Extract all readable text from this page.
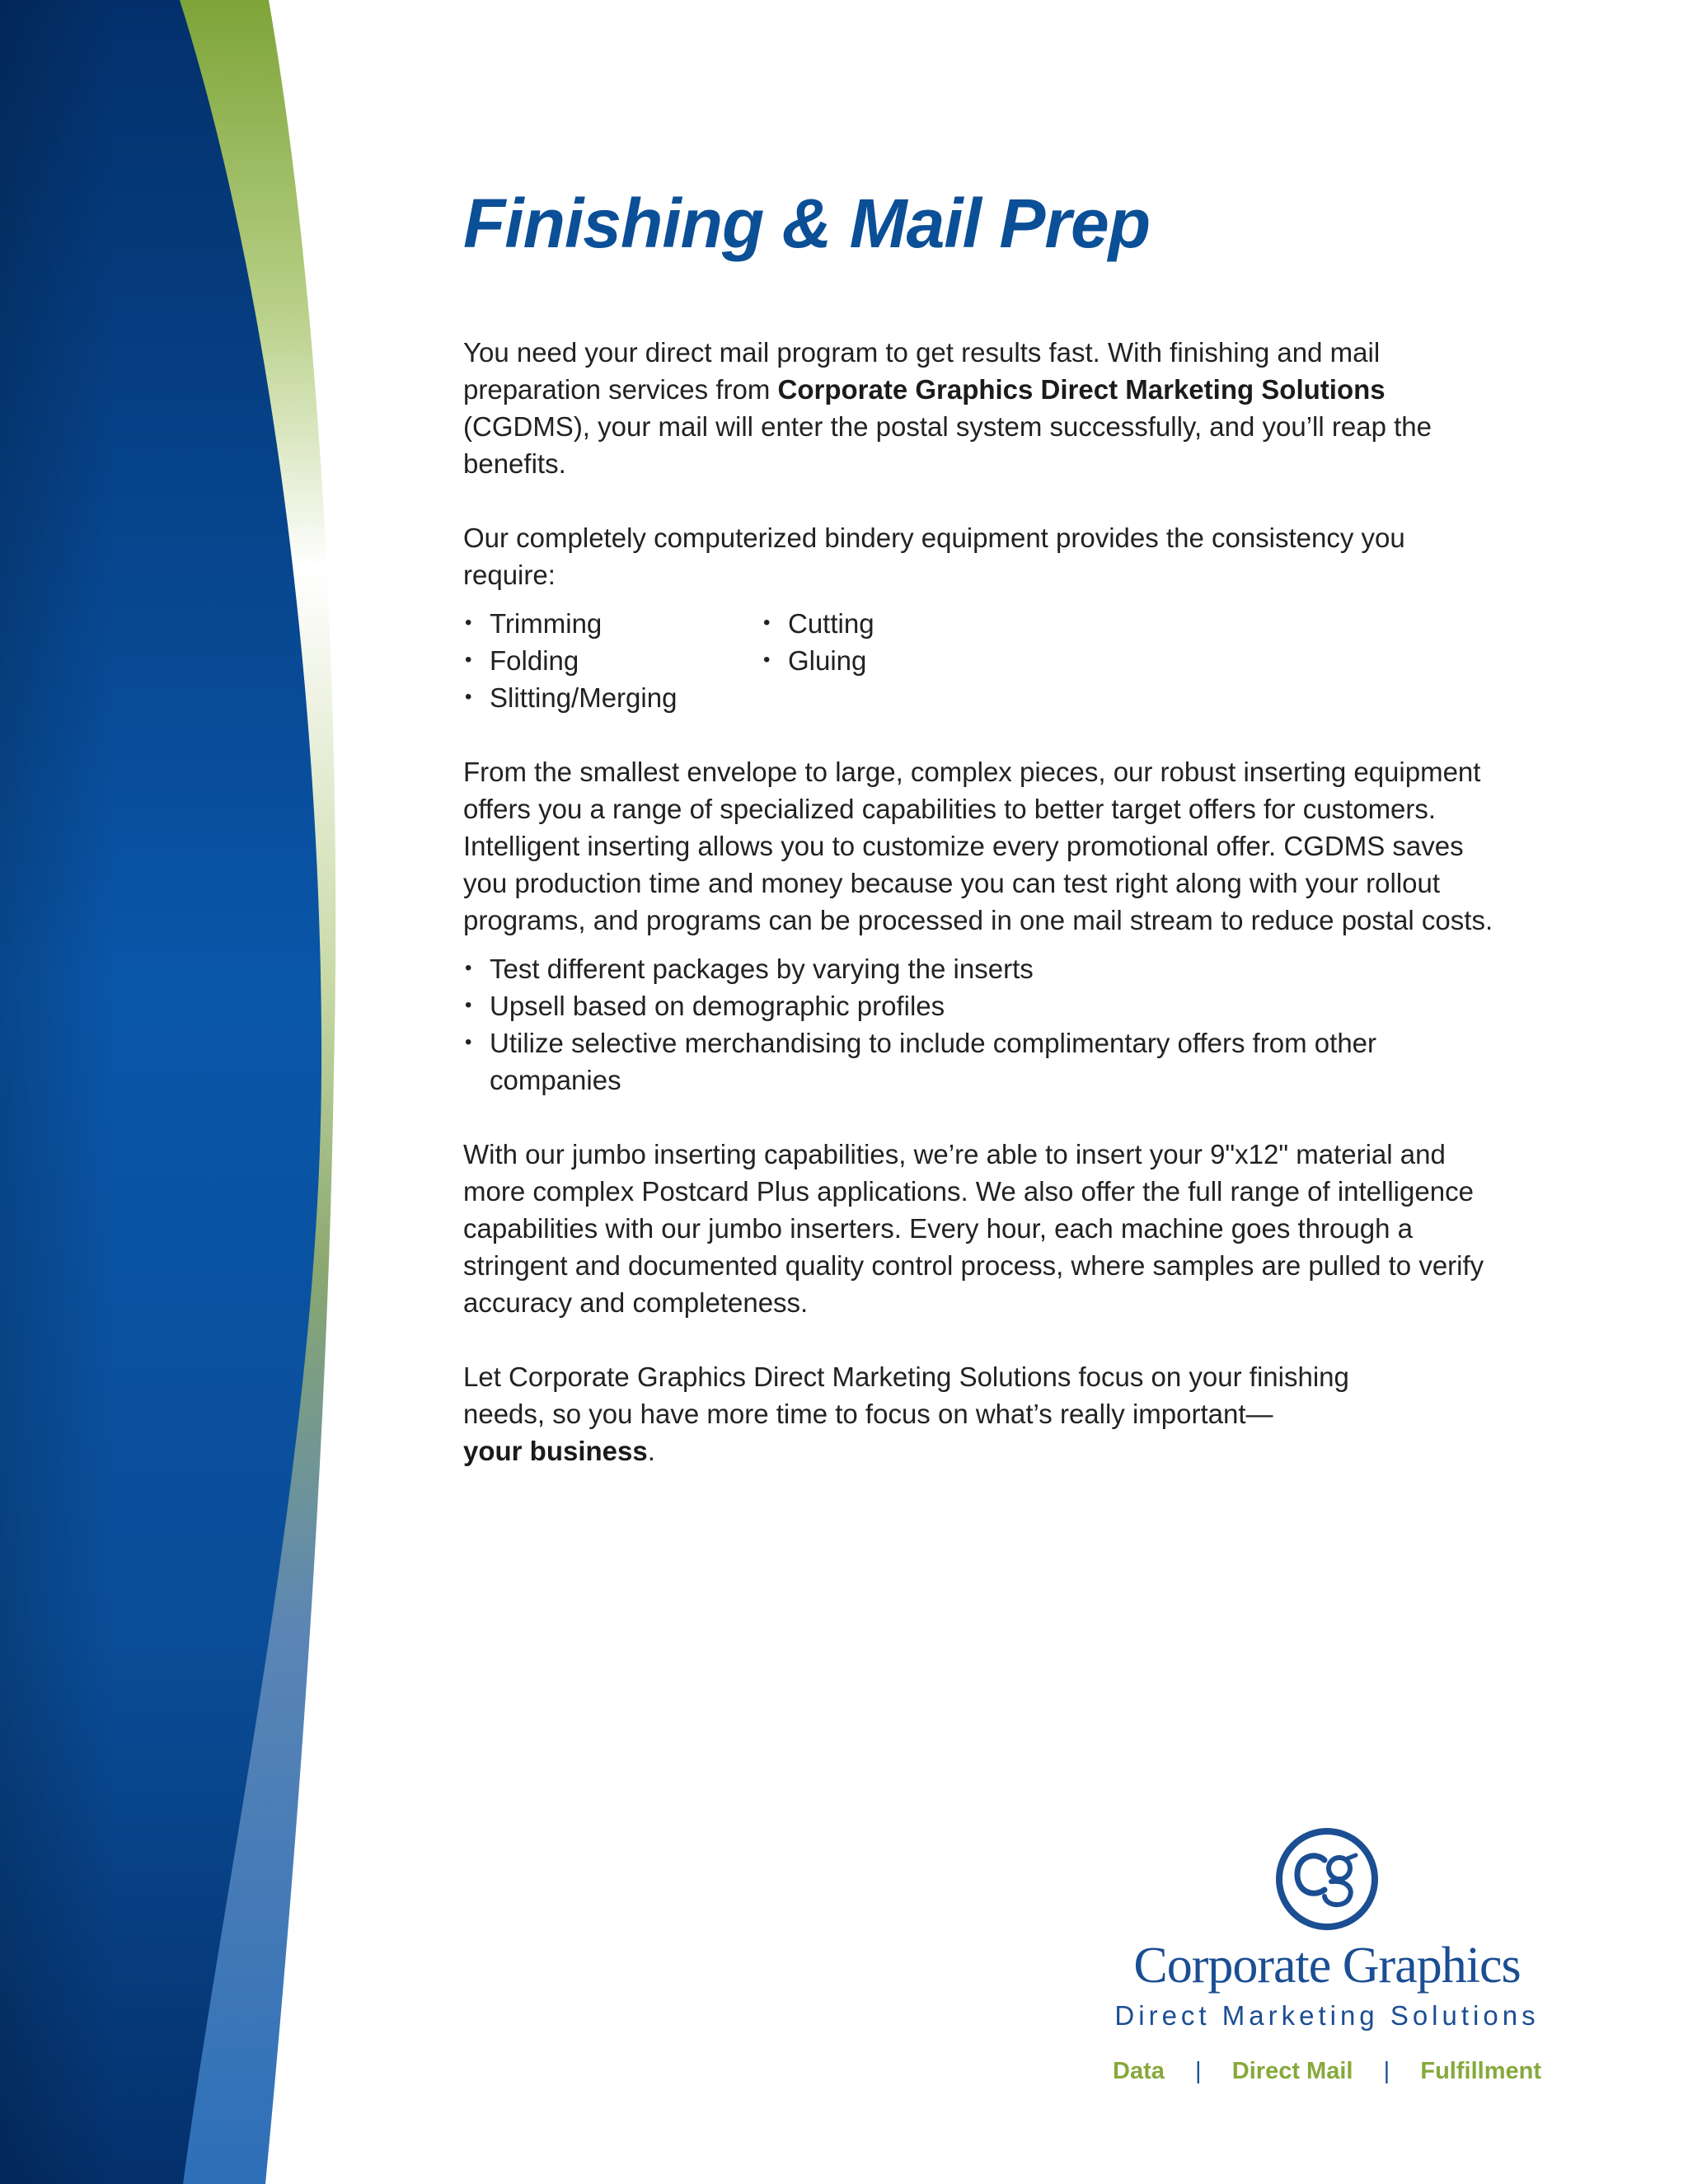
Finishing & Mail Prep

You need your direct mail program to get results fast. With finishing and mail preparation services from Corporate Graphics Direct Marketing Solutions (CGDMS), your mail will enter the postal system successfully, and you’ll reap the benefits.

Our completely computerized bindery equipment provides the consistency you require:

• Trimming
• Folding
• Slitting/Merging
• Cutting
• Gluing

From the smallest envelope to large, complex pieces, our robust inserting equipment offers you a range of specialized capabilities to better target offers for customers. Intelligent inserting allows you to customize every promotional offer. CGDMS saves you production time and money because you can test right along with your rollout programs, and programs can be processed in one mail stream to reduce postal costs.

• Test different packages by varying the inserts
• Upsell based on demographic profiles
• Utilize selective merchandising to include complimentary offers from other companies

With our jumbo inserting capabilities, we’re able to insert your 9"x12" material and more complex Postcard Plus applications. We also offer the full range of intelligence capabilities with our jumbo inserters. Every hour, each machine goes through a stringent and documented quality control process, where samples are pulled to verify accuracy and completeness.

Let Corporate Graphics Direct Marketing Solutions focus on your finishing needs, so you have more time to focus on what’s really important—
your business.

Corporate Graphics
Direct Marketing Solutions
Data | Direct Mail | Fulfillment
